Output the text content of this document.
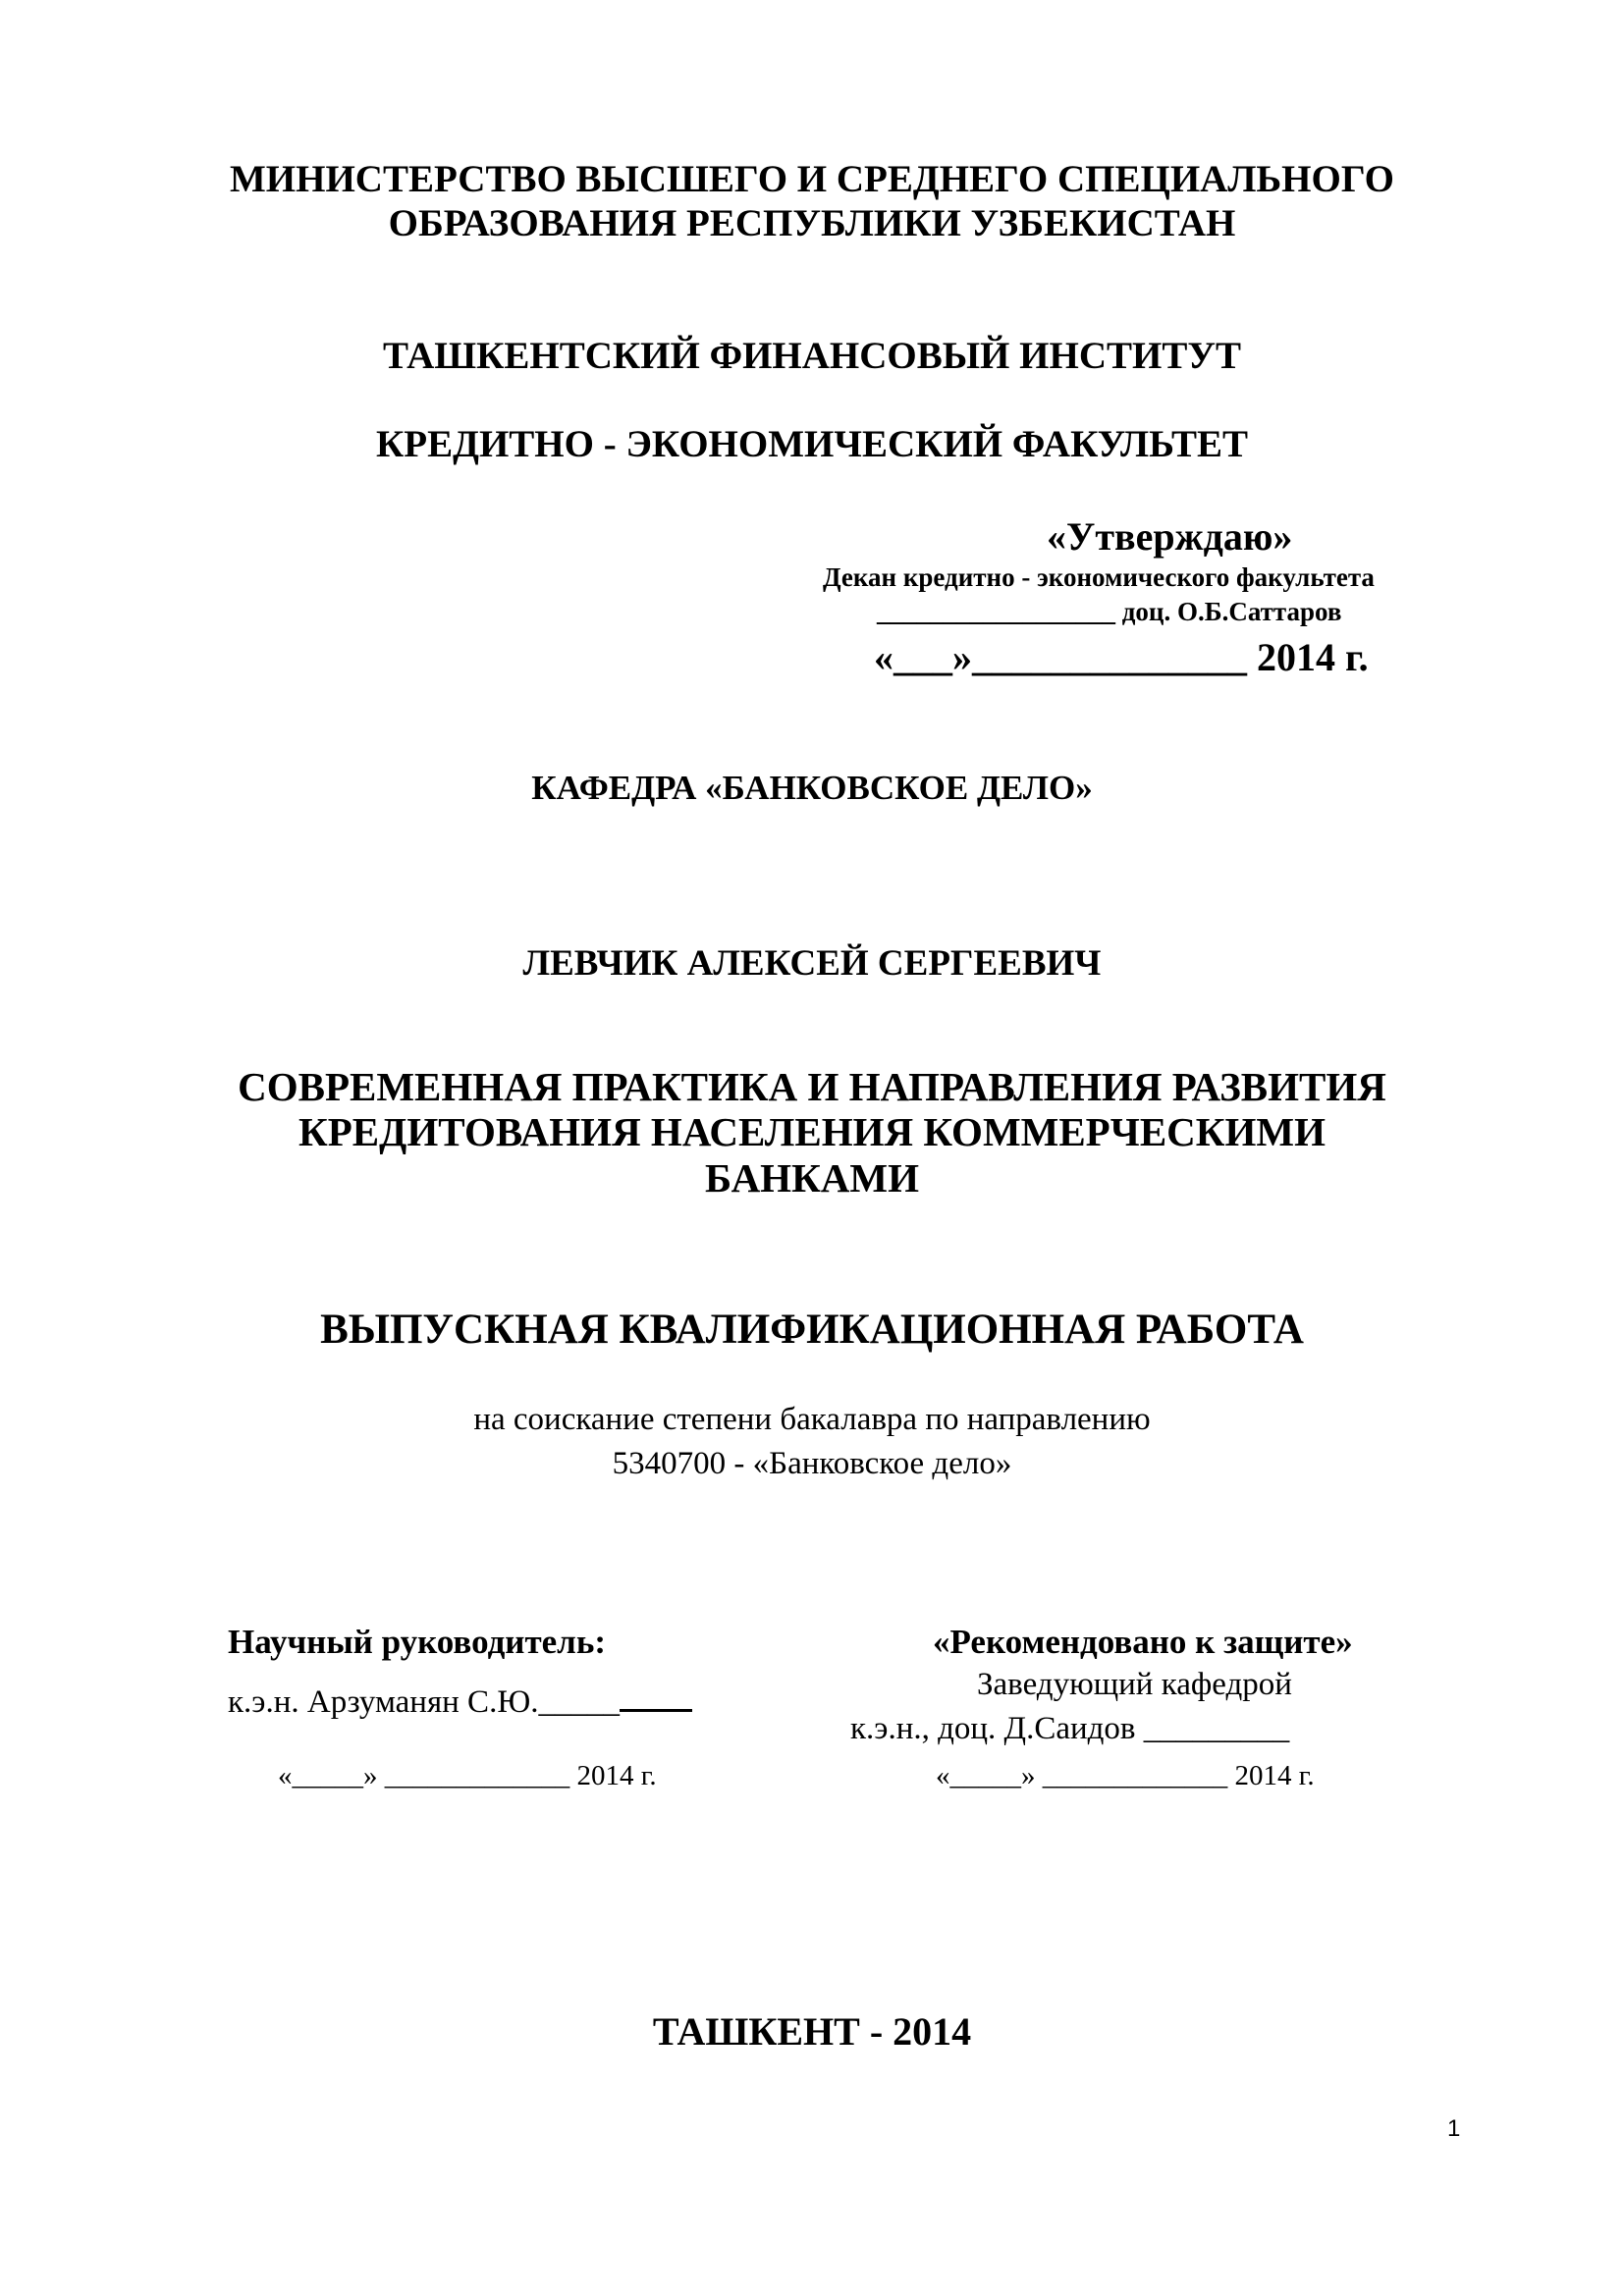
МИНИСТЕРСТВО ВЫСШЕГО И СРЕДНЕГО СПЕЦИАЛЬНОГО
ОБРАЗОВАНИЯ РЕСПУБЛИКИ УЗБЕКИСТАН
ТАШКЕНТСКИЙ ФИНАНСОВЫЙ ИНСТИТУТ
КРЕДИТНО - ЭКОНОМИЧЕСКИЙ ФАКУЛЬТЕТ
«Утверждаю»
Декан кредитно - экономического факультета
__________________ доц. О.Б.Саттаров
«___»______________ 2014 г.
КАФЕДРА «БАНКОВСКОЕ ДЕЛО»
ЛЕВЧИК АЛЕКСЕЙ СЕРГЕЕВИЧ
СОВРЕМЕННАЯ ПРАКТИКА И НАПРАВЛЕНИЯ РАЗВИТИЯ
КРЕДИТОВАНИЯ НАСЕЛЕНИЯ КОММЕРЧЕСКИМИ
БАНКАМИ
ВЫПУСКНАЯ КВАЛИФИКАЦИОННАЯ РАБОТА
на соискание степени бакалавра по направлению
5340700 - «Банковское дело»
Научный руководитель:
к.э.н. Арзуманян С.Ю._____
«_____» _____________ 2014 г.
«Рекомендовано к защите»
Заведующий кафедрой
к.э.н., доц. Д.Саидов _________
«_____» _____________ 2014 г.
ТАШКЕНТ - 2014
1
